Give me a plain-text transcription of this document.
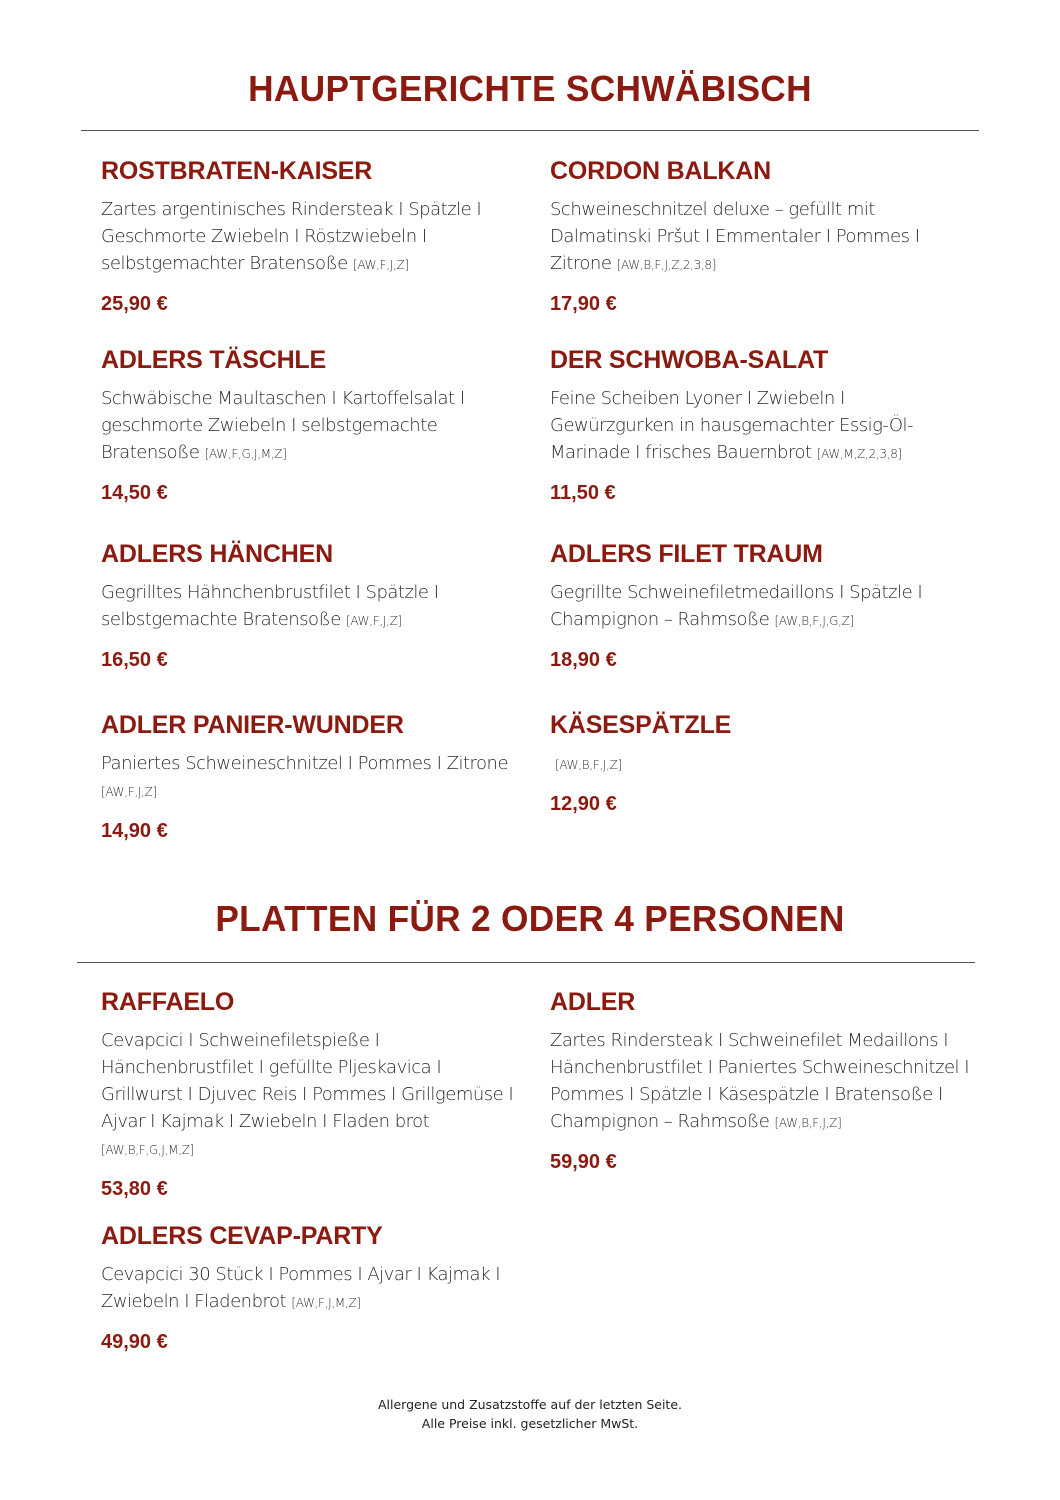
HAUPTGERICHTE SCHWÄBISCH
ROSTBRATEN-KAISER
Zartes argentinisches Rindersteak I Spätzle I Geschmorte Zwiebeln I Röstzwiebeln I selbstgemachter Bratensoße [AW,F,J,Z]
25,90 €
CORDON BALKAN
Schweineschnitzel deluxe – gefüllt mit Dalmatinski Pršut I Emmentaler I Pommes I Zitrone [AW,B,F,J,Z,2,3,8]
17,90 €
ADLERS TÄSCHLE
Schwäbische Maultaschen I Kartoffelsalat I geschmorte Zwiebeln I selbstgemachte Bratensoße [AW,F,G,J,M,Z]
14,50 €
DER SCHWOBA-SALAT
Feine Scheiben Lyoner I Zwiebeln I Gewürzgurken in hausgemachter Essig-Öl-Marinade I frisches Bauernbrot [AW,M,Z,2,3,8]
11,50 €
ADLERS HÄNCHEN
Gegrilltes Hähnchenbrustfilet I Spätzle I selbstgemachte Bratensoße [AW,F,J,Z]
16,50 €
ADLERS FILET TRAUM
Gegrillte Schweinefiletmedaillons I Spätzle I Champignon – Rahmsoße [AW,B,F,J,G,Z]
18,90 €
ADLER PANIER-WUNDER
Paniertes Schweineschnitzel I Pommes I Zitrone [AW,F,J,Z]
14,90 €
KÄSESPÄTZLE
[AW,B,F,J,Z]
12,90 €
PLATTEN FÜR 2 ODER 4 PERSONEN
RAFFAELO
Cevapcici I Schweinefiletspieße I Hänchenbrustfilet I gefüllte Pljeskavica I Grillwurst I Djuvec Reis I Pommes I Grillgemüse I Ajvar I Kajmak I Zwiebeln I Fladen brot [AW,B,F,G,J,M,Z]
53,80 €
ADLER
Zartes Rindersteak I Schweinefilet Medaillons I Hänchenbrustfilet I Paniertes Schweineschnitzel I Pommes I Spätzle I Käsespätzle I Bratensoße I Champignon – Rahmsoße [AW,B,F,J,Z]
59,90 €
ADLERS CEVAP-PARTY
Cevapcici 30 Stück I Pommes I Ajvar I Kajmak I Zwiebeln I Fladenbrot [AW,F,J,M,Z]
49,90 €
Allergene und Zusatzstoffe auf der letzten Seite.
Alle Preise inkl. gesetzlicher MwSt.
